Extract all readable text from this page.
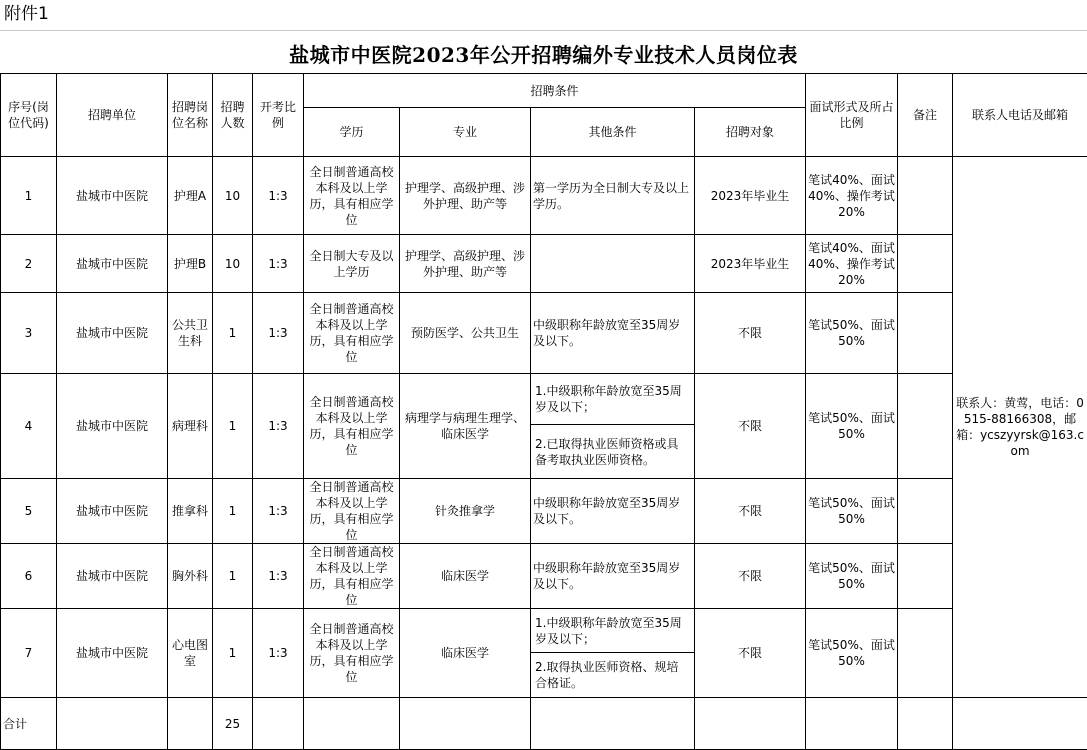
附件1
盐城市中医院2023年公开招聘编外专业技术人员岗位表
序号(岗位代码)	招聘单位	招聘岗位名称	招聘人数	开考比例	招聘条件				面试形式及所占比例	备注	联系人电话及邮箱
					学历	专业	其他条件	招聘对象			
1	盐城市中医院	护理A	10	1:3	全日制普通高校本科及以上学历，具有相应学位	护理学、高级护理、涉外护理、助产等	第一学历为全日制大专及以上学历。	2023年毕业生	笔试40%、面试40%、操作考试20%		联系人：黄莺，电话：0515-88166308，邮箱：ycszyyrsk@163.com
2	盐城市中医院	护理B	10	1:3	全日制大专及以上学历	护理学、高级护理、涉外护理、助产等		2023年毕业生	笔试40%、面试40%、操作考试20%		
3	盐城市中医院	公共卫生科	1	1:3	全日制普通高校本科及以上学历，具有相应学位	预防医学、公共卫生	中级职称年龄放宽至35周岁及以下。	不限	笔试50%、面试50%		
4	盐城市中医院	病理科	1	1:3	全日制普通高校本科及以上学历，具有相应学位	病理学与病理生理学、临床医学	1.中级职称年龄放宽至35周岁及以下；
2.已取得执业医师资格或具备考取执业医师资格。	不限	笔试50%、面试50%		
5	盐城市中医院	推拿科	1	1:3	全日制普通高校本科及以上学历，具有相应学位	针灸推拿学	中级职称年龄放宽至35周岁及以下。	不限	笔试50%、面试50%		
6	盐城市中医院	胸外科	1	1:3	全日制普通高校本科及以上学历，具有相应学位	临床医学	中级职称年龄放宽至35周岁及以下。	不限	笔试50%、面试50%		
7	盐城市中医院	心电图室	1	1:3	全日制普通高校本科及以上学历，具有相应学位	临床医学	1.中级职称年龄放宽至35周岁及以下；
2.取得执业医师资格、规培合格证。	不限	笔试50%、面试50%		
合计			25								
